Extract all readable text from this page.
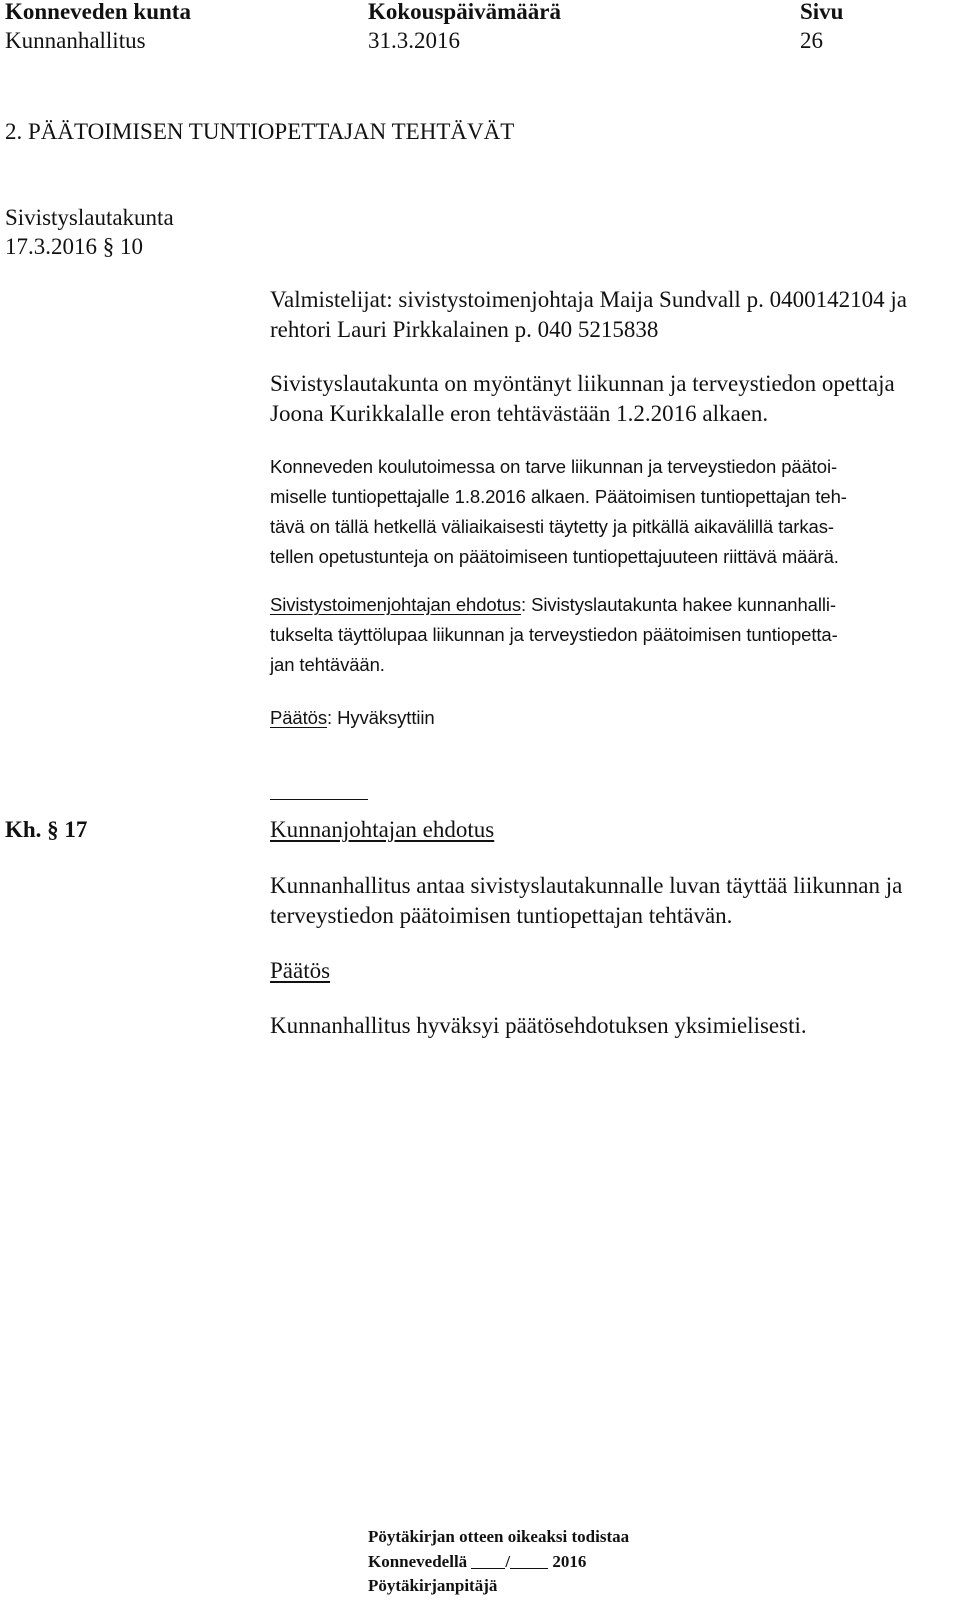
Konneveden kunta
Kunnanhallitus
Kokouspäivämäärä
31.3.2016
Sivu
26
2. PÄÄTOIMISEN TUNTIOPETTAJAN TEHTÄVÄT
Sivistyslautakunta
17.3.2016 § 10
Valmistelijat: sivistystoimenjohtaja Maija Sundvall p. 0400142104 ja
rehtori Lauri Pirkkalainen p. 040 5215838
Sivistyslautakunta on myöntänyt liikunnan ja terveystiedon opettaja
Joona Kurikkalalle eron tehtävästään 1.2.2016 alkaen.
Konneveden koulutoimessa on tarve liikunnan ja terveystiedon päätoi-
miselle tuntiopettajalle 1.8.2016 alkaen. Päätoimisen tuntiopettajan teh-
tävä on tällä hetkellä väliaikaisesti täytetty ja pitkällä aikavälillä tarkas-
tellen opetustunteja on päätoimiseen tuntiopettajuuteen riittävä määrä.
Sivistystoimenjohtajan ehdotus: Sivistyslautakunta hakee kunnanhalli-
tukselta täyttölupaa liikunnan ja terveystiedon päätoimisen tuntiopetta-
jan tehtävään.
Päätös: Hyväksyttiin
Kh. § 17	Kunnanjohtajan ehdotus
Kunnanhallitus antaa sivistyslautakunnalle luvan täyttää liikunnan ja
terveystiedon päätoimisen tuntiopettajan tehtävän.
Päätös
Kunnanhallitus hyväksyi päätösehdotuksen yksimielisesti.
Pöytäkirjan otteen oikeaksi todistaa
Konnevedellä / 2016
Pöytäkirjanpitäjä
